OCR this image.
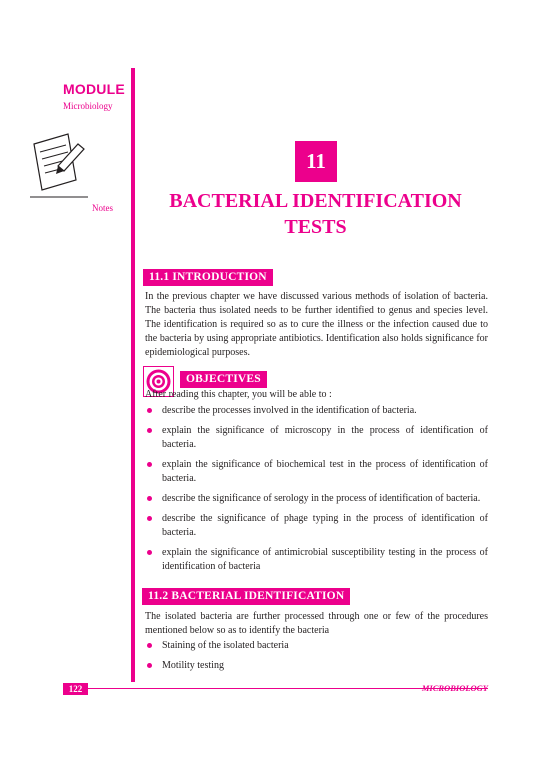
MODULE
Microbiology
Notes
11
BACTERIAL IDENTIFICATION
TESTS
11.1 INTRODUCTION

In the previous chapter we have discussed various methods of isolation of bacteria. The bacteria thus isolated needs to be further identified to genus and species level. The identification is required so as to cure the illness or the infection caused due to the bacteria by using appropriate antibiotics. Identification also holds significance for epidemiological purposes.

OBJECTIVES

After reading this chapter, you will be able to :

describe the processes involved in the identification of bacteria.
explain the significance of microscopy in the process of identification of bacteria.
explain the significance of biochemical test in the process of identification of bacteria.
describe the significance of serology in the process of identification of bacteria.
describe the significance of phage typing in the process of identification of bacteria.
explain the significance of antimicrobial susceptibility testing in the process of identification of bacteria
11.2 BACTERIAL IDENTIFICATION

The isolated bacteria are further processed through one or few of the procedures mentioned below so as to identify the bacteria

Staining of the isolated bacteria
Motility testing
122	MICROBIOLOGY
